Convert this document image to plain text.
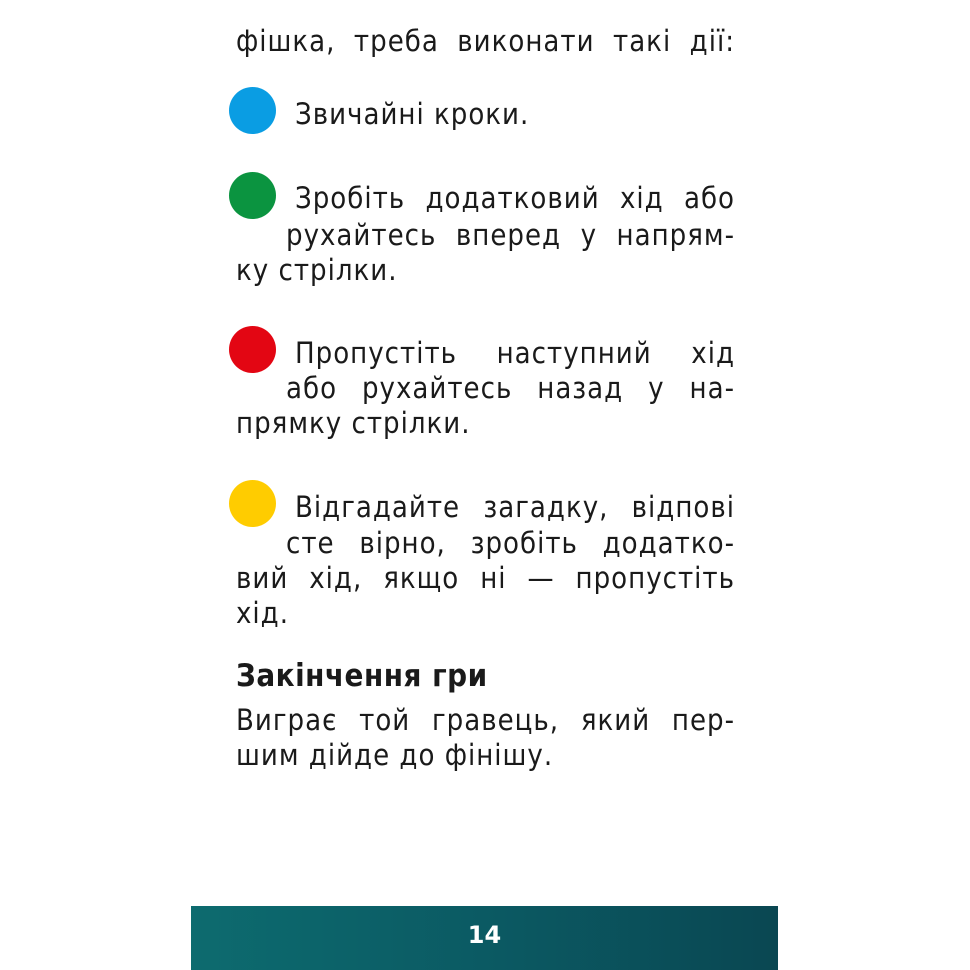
фішка, треба виконати такі дії:
Звичайні кроки.
Зробіть додатковий хід або
рухайтесь вперед у напрям-
ку стрілки.
Пропустіть наступний хід
або рухайтесь назад у на-
прямку стрілки.
Відгадайте загадку, відпові
сте вірно, зробіть додатко-
вий хід, якщо ні — пропустіть
хід.
Закінчення гри
Виграє той гравець, який пер-
шим дійде до фінішу.
14
